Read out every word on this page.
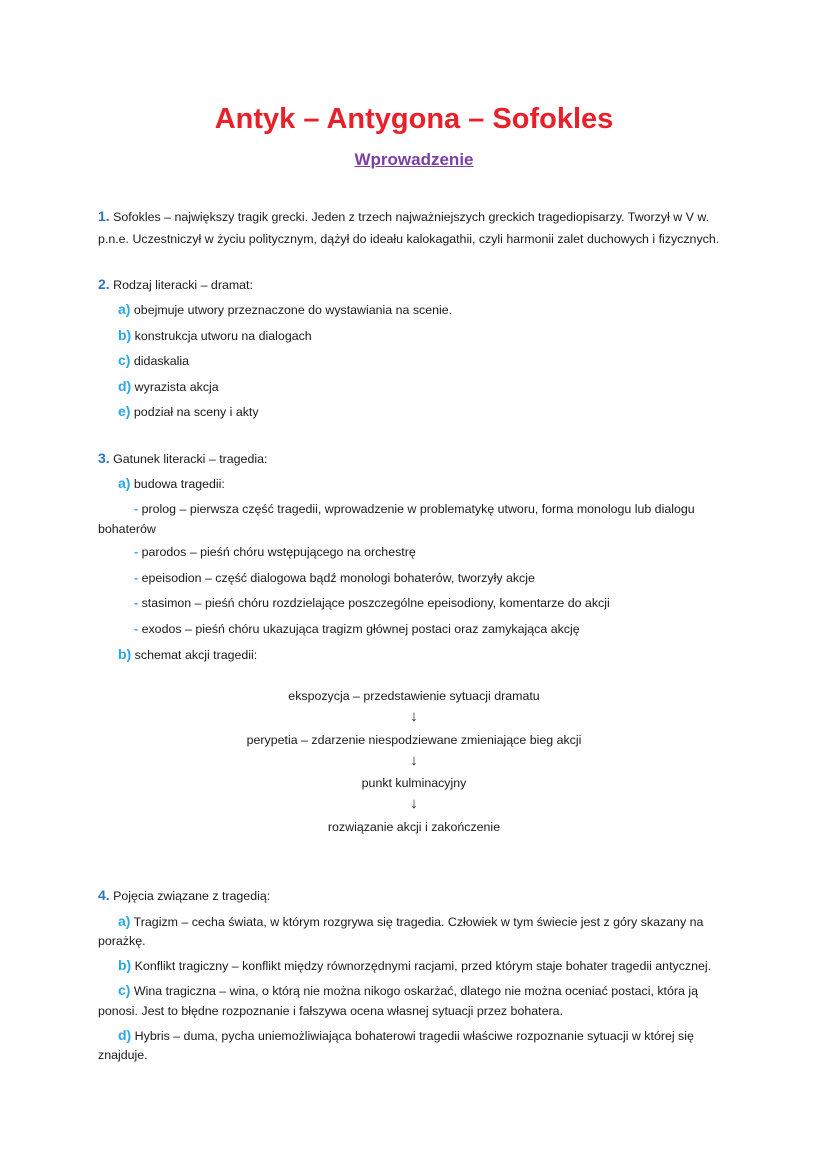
Antyk – Antygona – Sofokles
Wprowadzenie
1. Sofokles – największy tragik grecki. Jeden z trzech najważniejszych greckich tragediopisarzy. Tworzył w V w.
p.n.e. Uczestniczył w życiu politycznym, dążył do ideału kalokagathii, czyli harmonii zalet duchowych i fizycznych.
2. Rodzaj literacki – dramat:
a) obejmuje utwory przeznaczone do wystawiania na scenie.
b) konstrukcja utworu na dialogach
c) didaskalia
d) wyrazista akcja
e) podział na sceny i akty
3. Gatunek literacki – tragedia:
a) budowa tragedii:
- prolog – pierwsza część tragedii, wprowadzenie w problematykę utworu, forma monologu lub dialogu
bohaterów
- parodos – pieśń chóru wstępującego na orchestrę
- epeisodion – część dialogowa bądź monologi bohaterów, tworzyły akcje
- stasimon – pieśń chóru rozdzielające poszczególne epeisodiony, komentarze do akcji
- exodos – pieśń chóru ukazująca tragizm głównej postaci oraz zamykająca akcję
b) schemat akcji tragedii:
ekspozycja – przedstawienie sytuacji dramatu
↓
perypetia – zdarzenie niespodziewane zmieniające bieg akcji
↓
punkt kulminacyjny
↓
rozwiązanie akcji i zakończenie
4. Pojęcia związane z tragedią:
a) Tragizm – cecha świata, w którym rozgrywa się tragedia. Człowiek w tym świecie jest z góry skazany na
porażkę.
b) Konflikt tragiczny – konflikt między równorzędnymi racjami, przed którym staje bohater tragedii antycznej.
c) Wina tragiczna – wina, o którą nie można nikogo oskarżać, dlatego nie można oceniać postaci, która ją
ponosi. Jest to błędne rozpoznanie i fałszywa ocena własnej sytuacji przez bohatera.
d) Hybris – duma, pycha uniemożliwiająca bohaterowi tragedii właściwe rozpoznanie sytuacji w której się
znajduje.
